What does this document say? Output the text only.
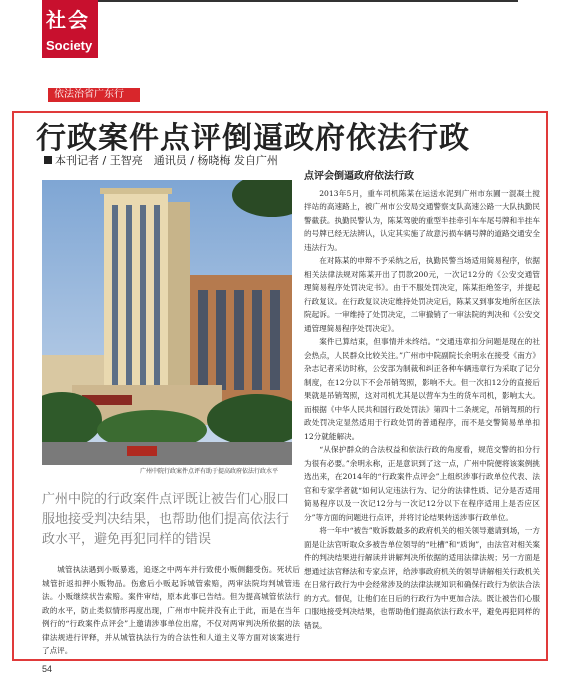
社会
Society
依法治省广东行
行政案件点评倒逼政府依法行政
本刊记者 / 王智亮　通讯员 / 杨晓梅 发自广州
广州中院行政案件点评有助于提高政府依法行政水平
广州中院的行政案件点评既让被告们心服口服地接受判决结果，也帮助他们提高依法行政水平，避免再犯同样的错误

城管执法遇到小贩暴逃，追逐之中两车并行致使小贩侧翻受伤。死状后城管折返扣押小贩物品。伤愈后小贩起诉城管索赔，两审法院均判城管违法。小贩继续状告索赔。案件审结，原本此事已告结。但为提高城管依法行政的水平，防止类似情形再度出现，广州市中院并没有止于此，而是在当年例行的“行政案件点评会”上邀请涉事单位出席，不仅对两审判决所依据的法律法规进行评释，并从城管执法行为的合法性和人道主义等方面对该案进行了点评。

点评会倒逼政府依法行政

2013年5月，重车司机陈某在运送水泥到广州市东圃一混凝土搅拌站的高速路上，被广州市公安局交通警察支队高速公路一大队执勤民警截获。执勤民警认为，陈某驾驶的重型半挂牵引车车尾号牌和半挂车的号牌已经无法辨认，认定其实施了故意污损车辆号牌的道路交通安全违法行为。

在对陈某的申辩不予采纳之后，执勤民警当场适用简易程序，依据相关法律法规对陈某开出了罚款200元，一次记12分的《公安交通管理简易程序处罚决定书》。由于不服处罚决定，陈某拒绝签字，并提起行政复议。在行政复议决定维持处罚决定后，陈某又到事发地所在区法院起诉。一审维持了处罚决定，二审撤销了一审法院的判决和《公安交通管理简易程序处罚决定》。

案件已算结束，但事情并未终结。“交通违章扣分问题是现在的社会热点，人民群众比较关注。”广州市中院副院长余明永在接受《南方》杂志记者采访时称，公安部为制裁和纠正各种车辆违章行为采取了记分制度，在12分以下不会吊销驾照，影响不大。但一次扣12分的直接后果就是吊销驾照，这对司机尤其是以营车为生的货车司机，影响太大。而根据《中华人民共和国行政处罚法》第四十二条规定，吊销驾照的行政处罚决定显然适用于行政处罚的普通程序，而不是交警简易单单扣12分就能解决。

“从保护群众的合法权益和依法行政的角度看，规范交警的扣分行为很有必要。”余明永称，正是意识到了这一点，广州中院便将该案例挑选出来，在2014年的“行政案件点评会”上组织涉事行政单位代表、法官和专家学者就“如何认定违法行为、记分的法律性质、记分是否适用简易程序以及一次记12分与一次记12分以下在程序适用上是否应区分”等方面的问题进行点评，并将讨论结果转送涉事行政单位。

将一年中“被告”败诉数最多的政府机关的相关领导邀请到场，一方面是让法官听取众多被告单位领导的“吐槽”和“质询”，由法官对相关案件的判决结果进行解读并讲解判决所依据的适用法律法规；另一方面是想通过法官释法和专家点评，给涉事政府机关的领导讲解相关行政机关在日常行政行为中会经常涉及的法律法规知识和确保行政行为依法合法的方式。督促，让他们在日后的行政行为中更加合法。既让被告们心服口服地接受判决结果，也帮助他们提高依法行政水平，避免再犯同样的错误。

54
